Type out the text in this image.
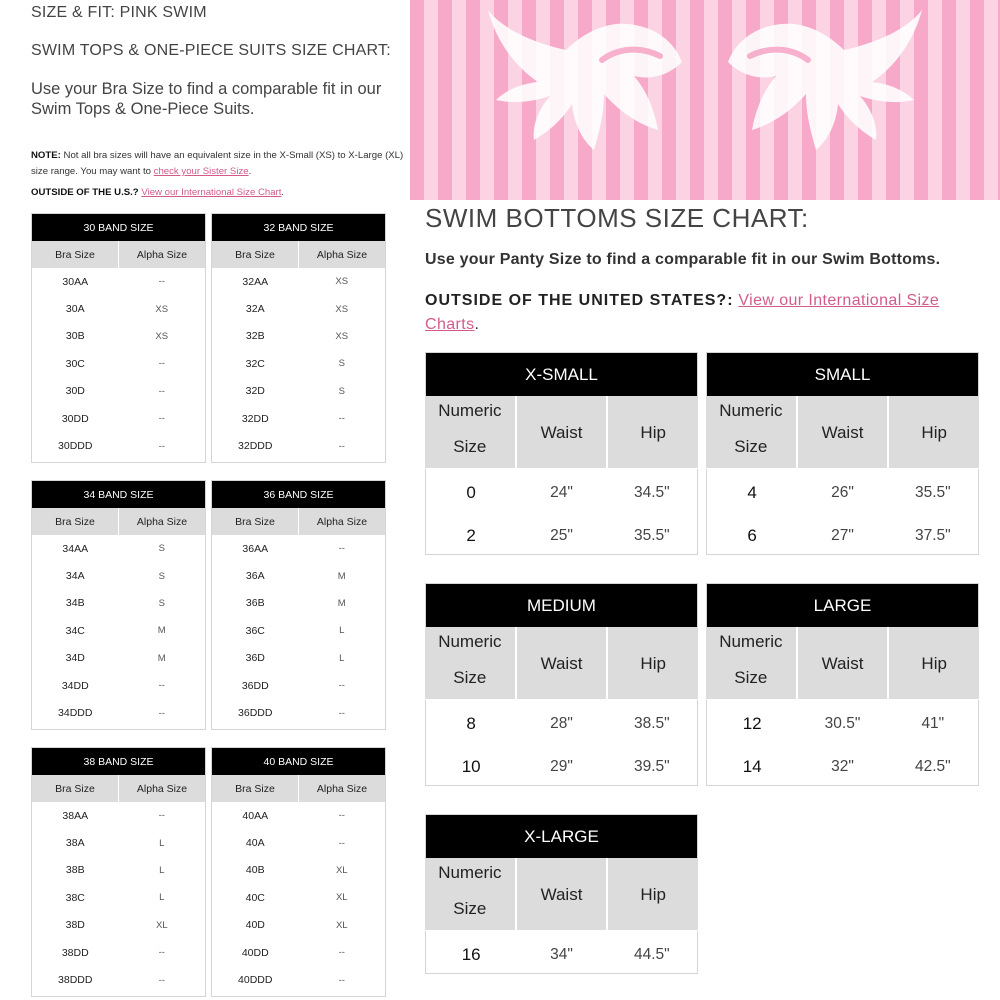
SIZE & FIT: PINK SWIM
SWIM TOPS & ONE-PIECE SUITS SIZE CHART:
Use your Bra Size to find a comparable fit in our Swim Tops & One-Piece Suits.
NOTE: Not all bra sizes will have an equivalent size in the X-Small (XS) to X-Large (XL) size range. You may want to check your Sister Size.
OUTSIDE OF THE U.S.? View our International Size Chart.
30 BAND SIZE
Bra Size	Alpha Size
30AA	--
30A	XS
30B	XS
30C	--
30D	--
30DD	--
30DDD	--
32 BAND SIZE
Bra Size	Alpha Size
32AA	XS
32A	XS
32B	XS
32C	S
32D	S
32DD	--
32DDD	--
34 BAND SIZE
Bra Size	Alpha Size
34AA	S
34A	S
34B	S
34C	M
34D	M
34DD	--
34DDD	--
36 BAND SIZE
Bra Size	Alpha Size
36AA	--
36A	M
36B	M
36C	L
36D	L
36DD	--
36DDD	--
38 BAND SIZE
Bra Size	Alpha Size
38AA	--
38A	L
38B	L
38C	L
38D	XL
38DD	--
38DDD	--
40 BAND SIZE
Bra Size	Alpha Size
40AA	--
40A	--
40B	XL
40C	XL
40D	XL
40DD	--
40DDD	--
SWIM BOTTOMS SIZE CHART:
Use your Panty Size to find a comparable fit in our Swim Bottoms.
OUTSIDE OF THE UNITED STATES?: View our International Size Charts.
X-SMALL
Numeric
Size
Waist	Hip
0	24"	34.5"
2	25"	35.5"
SMALL
Numeric
Size
Waist	Hip
4	26"	35.5"
6	27"	37.5"
MEDIUM
Numeric
Size
Waist	Hip
8	28"	38.5"
10	29"	39.5"
LARGE
Numeric
Size
Waist	Hip
12	30.5"	41"
14	32"	42.5"
X-LARGE
Numeric
Size
Waist	Hip
16	34"	44.5"
